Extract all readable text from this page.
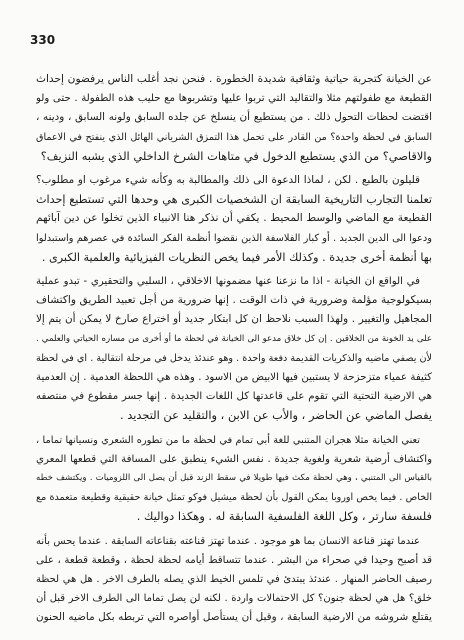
330
عن الخيانة كتجربة حياتية وثقافية شديدة الخطورة . فنحن نجد أغلب الناس يرفضون إحداث
القطيعة مع طفولتهم مثلا والتقاليد التي تربوا عليها وتشربوها مع حليب هذه الطفولة . حتى ولو
اقتضت لحظات التحول ذلك . من يستطيع أن ينسلخ عن جلده السابق ولونه السابق ، ودينه ،
السابق في لحظة واحدة؟ من القادر على تحمل هذا التمزق الشرياني الهائل الذي ينفتح في الاعماق
والاقاصي؟ من الذي يستطيع الدخول في متاهات الشرخ الداخلي الذي يشبه النزيف؟
قليلون بالطبع . لكن ، لماذا الدعوة الى ذلك والمطالبة به وكأنه شيء مرغوب او مطلوب؟
تعلمنا التجارب التاريخية السابقة ان الشخصيات الكبرى هي وحدها التي تستطيع إحداث
القطيعة مع الماضي والوسط المحيط . يكفي أن نذكر هنا الانبياء الذين تخلوا عن دين آبائهم
ودعوا الى الدين الجديد . أو كبار الفلاسفة الذين نقضوا أنظمة الفكر السائدة في عصرهم واستبدلوا
بها أنظمة أخرى جديدة . وكذلك الأمر فيما يخص النظريات الفيزيائية والعلمية الكبرى .
في الواقع ان الخيانة - اذا ما نزعنا عنها مضمونها الاخلاقي ، السلبي والتحقيري - تبدو عملية
بسيكولوجية مؤلمة وضرورية في ذات الوقت . إنها ضرورية من أجل تعبيد الطريق واكتشاف
المجاهيل والتغيير . ولهذا السبب نلاحظ ان كل ابتكار جديد أو اختراع صارخ لا يمكن أن يتم إلا
على يد الخونة من الخلاقين . إن كل خلاق مدعو الى الخيانة في لحظة ما أو أخرى من مساره الحياتي والعلمي .
لأن يصفي ماضيه والذكريات القديمة دفعة واحدة . وهو عندئذ يدخل في مرحلة انتقالية . اي في لحظة
كثيفة عمياء متزحزحة لا يستبين فيها الابيض من الاسود . وهذه هي اللحظة العدمية . إن العدمية
هي الارضية التحتية التي تقوم على قاعدتها كل اللغات الجديدة . إنها جسر مقطوع في منتصفه
يفصل الماضي عن الحاضر ، والأب عن الابن ، والتقليد عن التجديد .
تعني الخيانة مثلا هجران المتنبي للغة أبي تمام في لحظة ما من تطوره الشعري ونسيانها تماما ،
واكتشاف أرضية شعرية ولغوية جديدة . نفس الشيء ينطبق على المسافة التي قطعها المعري
بالقياس الى المتنبي ، وهي لحظة مكث فيها طويلا في سقط الزند قبل أن يصل الى اللزوميات . ويكتشف خطه
الخاص . فيما يخص اوروبا يمكن القول بأن لحظة ميشيل فوكو تمثل خيانة حقيقية وقطيعة متعمدة مع
فلسفة سارتر ، وكل اللغة الفلسفية السابقة له . وهكذا دواليك .
عندما تهتز قناعة الانسان بما هو موجود . عندما تهتز قناعته بقناعاته السابقة . عندما يحس بأنه
قد أصبح وحيدا في صحراء من البشر . عندما تتساقط أيامه لحظة لحظة ، وقطعة قطعة ، على
رصيف الحاضر المنهار . عندئذ يبتدئ في تلمس الخيط الذي يصله بالطرف الاخر . هل هي لحظة
خلق؟ هل هي لحظة جنون؟ كل الاحتمالات واردة . لكنه لن يصل تماما الى الطرف الاخر قبل أن
يقتلع شروشه من الارضية السابقة ، وقبل أن يستأصل أواصره التي تربطه بكل ماضيه الحنون
